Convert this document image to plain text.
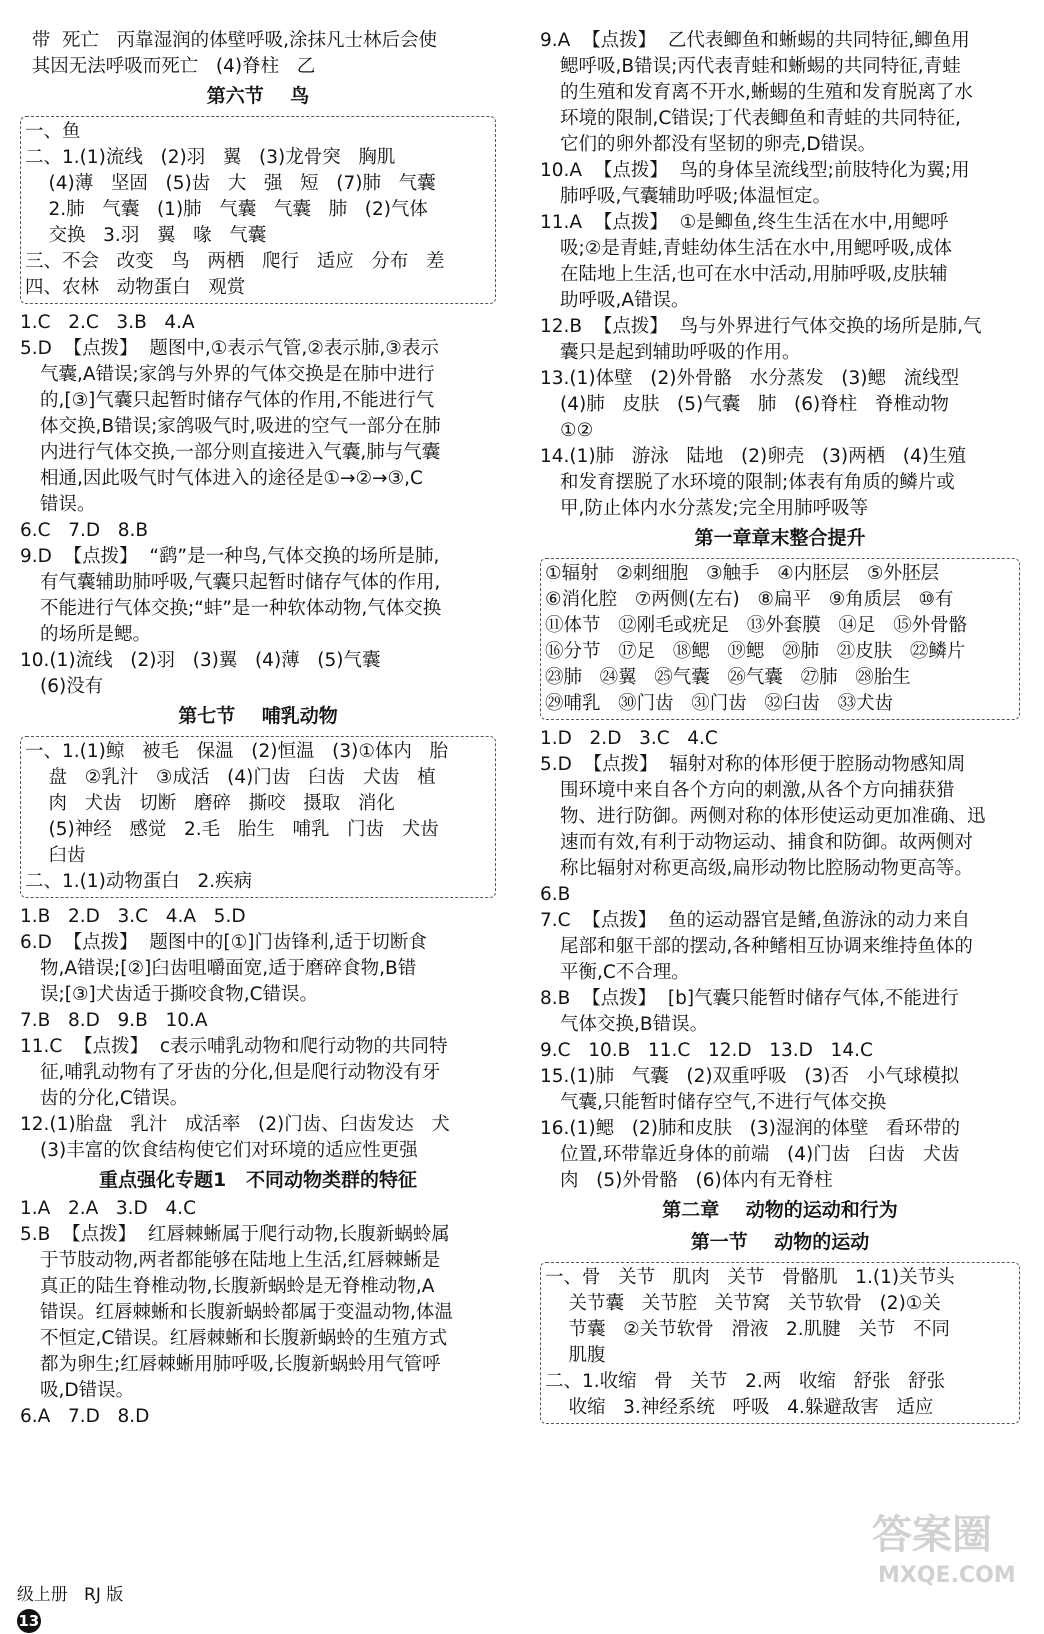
带  死亡   丙靠湿润的体壁呼吸,涂抹凡士林后会使
其因无法呼吸而死亡   (4)脊柱   乙
第六节    鸟
一、鱼
二、1.(1)流线   (2)羽   翼   (3)龙骨突   胸肌
(4)薄   坚固   (5)齿   大   强   短   (7)肺   气囊
2.肺   气囊   (1)肺   气囊   气囊   肺   (2)气体
交换   3.羽   翼   喙   气囊
三、不会   改变   鸟   两栖   爬行   适应   分布   差
四、农林   动物蛋白   观赏
1.C   2.C   3.B   4.A
5.D  【点拨】  题图中,①表示气管,②表示肺,③表示
气囊,A错误;家鸽与外界的气体交换是在肺中进行
的,[③]气囊只起暂时储存气体的作用,不能进行气
体交换,B错误;家鸽吸气时,吸进的空气一部分在肺
内进行气体交换,一部分则直接进入气囊,肺与气囊
相通,因此吸气时气体进入的途径是①→②→③,C
错误。
6.C   7.D   8.B
9.D  【点拨】  “鹞”是一种鸟,气体交换的场所是肺,
有气囊辅助肺呼吸,气囊只起暂时储存气体的作用,
不能进行气体交换;“蚌”是一种软体动物,气体交换
的场所是鳃。
10.(1)流线   (2)羽   (3)翼   (4)薄   (5)气囊
(6)没有
第七节    哺乳动物
一、1.(1)鲸   被毛   保温   (2)恒温   (3)①体内   胎
盘   ②乳汁   ③成活   (4)门齿   臼齿   犬齿   植
肉   犬齿   切断   磨碎   撕咬   摄取   消化
(5)神经   感觉   2.毛   胎生   哺乳   门齿   犬齿
臼齿
二、1.(1)动物蛋白   2.疾病
1.B   2.D   3.C   4.A   5.D
6.D  【点拨】  题图中的[①]门齿锋利,适于切断食
物,A错误;[②]臼齿咀嚼面宽,适于磨碎食物,B错
误;[③]犬齿适于撕咬食物,C错误。
7.B   8.D   9.B   10.A
11.C  【点拨】  c表示哺乳动物和爬行动物的共同特
征,哺乳动物有了牙齿的分化,但是爬行动物没有牙
齿的分化,C错误。
12.(1)胎盘   乳汁   成活率   (2)门齿、臼齿发达   犬
(3)丰富的饮食结构使它们对环境的适应性更强
重点强化专题1   不同动物类群的特征
1.A   2.A   3.D   4.C
5.B  【点拨】  红唇棘蜥属于爬行动物,长腹新蜗蛉属
于节肢动物,两者都能够在陆地上生活,红唇棘蜥是
真正的陆生脊椎动物,长腹新蜗蛉是无脊椎动物,A
错误。红唇棘蜥和长腹新蜗蛉都属于变温动物,体温
不恒定,C错误。红唇棘蜥和长腹新蜗蛉的生殖方式
都为卵生;红唇棘蜥用肺呼吸,长腹新蜗蛉用气管呼
吸,D错误。
6.A   7.D   8.D
9.A  【点拨】  乙代表鲫鱼和蜥蜴的共同特征,鲫鱼用
鳃呼吸,B错误;丙代表青蛙和蜥蜴的共同特征,青蛙
的生殖和发育离不开水,蜥蜴的生殖和发育脱离了水
环境的限制,C错误;丁代表鲫鱼和青蛙的共同特征,
它们的卵外都没有坚韧的卵壳,D错误。
10.A  【点拨】  鸟的身体呈流线型;前肢特化为翼;用
肺呼吸,气囊辅助呼吸;体温恒定。
11.A  【点拨】  ①是鲫鱼,终生生活在水中,用鳃呼
吸;②是青蛙,青蛙幼体生活在水中,用鳃呼吸,成体
在陆地上生活,也可在水中活动,用肺呼吸,皮肤辅
助呼吸,A错误。
12.B  【点拨】  鸟与外界进行气体交换的场所是肺,气
囊只是起到辅助呼吸的作用。
13.(1)体壁   (2)外骨骼   水分蒸发   (3)鳃   流线型
(4)肺   皮肤   (5)气囊   肺   (6)脊柱   脊椎动物
①②
14.(1)肺   游泳   陆地   (2)卵壳   (3)两栖   (4)生殖
和发育摆脱了水环境的限制;体表有角质的鳞片或
甲,防止体内水分蒸发;完全用肺呼吸等
第一章章末整合提升
①辐射   ②刺细胞   ③触手   ④内胚层   ⑤外胚层
⑥消化腔   ⑦两侧(左右)   ⑧扁平   ⑨角质层   ⑩有
⑪体节   ⑫刚毛或疣足   ⑬外套膜   ⑭足   ⑮外骨骼
⑯分节   ⑰足   ⑱鳃   ⑲鳃   ⑳肺   ㉑皮肤   ㉒鳞片
㉓肺   ㉔翼   ㉕气囊   ㉖气囊   ㉗肺   ㉘胎生
㉙哺乳   ㉚门齿   ㉛门齿   ㉜臼齿   ㉝犬齿
1.D   2.D   3.C   4.C
5.D  【点拨】  辐射对称的体形便于腔肠动物感知周
围环境中来自各个方向的刺激,从各个方向捕获猎
物、进行防御。两侧对称的体形使运动更加准确、迅
速而有效,有利于动物运动、捕食和防御。故两侧对
称比辐射对称更高级,扁形动物比腔肠动物更高等。
6.B
7.C  【点拨】  鱼的运动器官是鳍,鱼游泳的动力来自
尾部和躯干部的摆动,各种鳍相互协调来维持鱼体的
平衡,C不合理。
8.B  【点拨】  [b]气囊只能暂时储存气体,不能进行
气体交换,B错误。
9.C   10.B   11.C   12.D   13.D   14.C
15.(1)肺   气囊   (2)双重呼吸   (3)否   小气球模拟
气囊,只能暂时储存空气,不进行气体交换
16.(1)鳃   (2)肺和皮肤   (3)湿润的体壁   看环带的
位置,环带靠近身体的前端   (4)门齿   臼齿   犬齿
肉   (5)外骨骼   (6)体内有无脊柱
第二章    动物的运动和行为
第一节    动物的运动
一、骨   关节   肌肉   关节   骨骼肌   1.(1)关节头
关节囊   关节腔   关节窝   关节软骨   (2)①关
节囊   ②关节软骨   滑液   2.肌腱   关节   不同
肌腹
二、1.收缩   骨   关节   2.两   收缩   舒张   舒张
收缩   3.神经系统   呼吸   4.躲避敌害   适应

级上册   RJ 版
13

答案圈
MXQE.COM
